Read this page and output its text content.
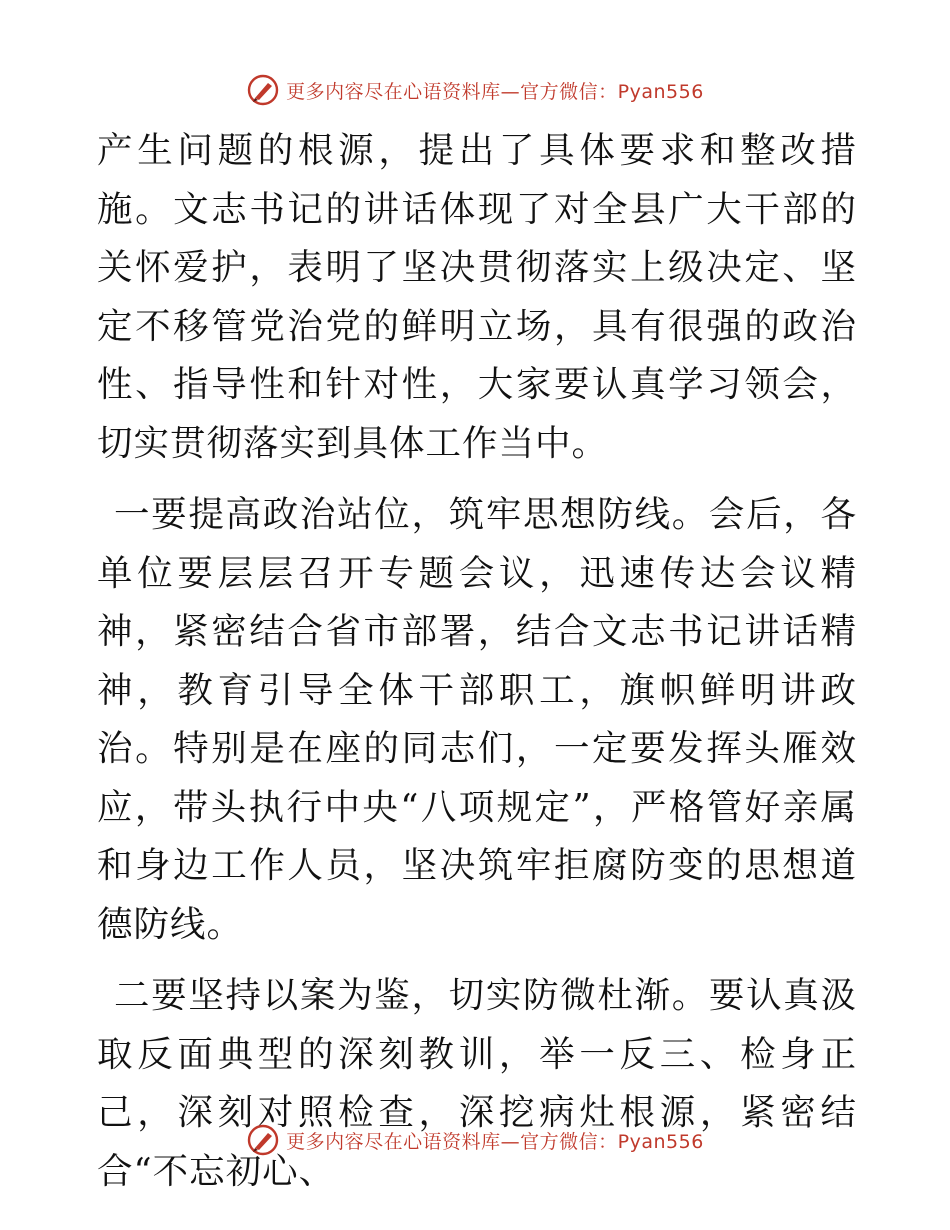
更多内容尽在心语资料库—官方微信：Pyan556

产生问题的根源，提出了具体要求和整改措施。文志书记的讲话体现了对全县广大干部的关怀爱护，表明了坚决贯彻落实上级决定、坚定不移管党治党的鲜明立场，具有很强的政治性、指导性和针对性，大家要认真学习领会，切实贯彻落实到具体工作当中。

一要提高政治站位，筑牢思想防线。会后，各单位要层层召开专题会议，迅速传达会议精神，紧密结合省市部署，结合文志书记讲话精神，教育引导全体干部职工，旗帜鲜明讲政治。特别是在座的同志们，一定要发挥头雁效应，带头执行中央“八项规定”，严格管好亲属和身边工作人员，坚决筑牢拒腐防变的思想道德防线。

二要坚持以案为鉴，切实防微杜渐。要认真汲取反面典型的深刻教训，举一反三、检身正己，深刻对照检查，深挖病灶根源，紧密结合“不忘初心、

更多内容尽在心语资料库—官方微信：Pyan556
